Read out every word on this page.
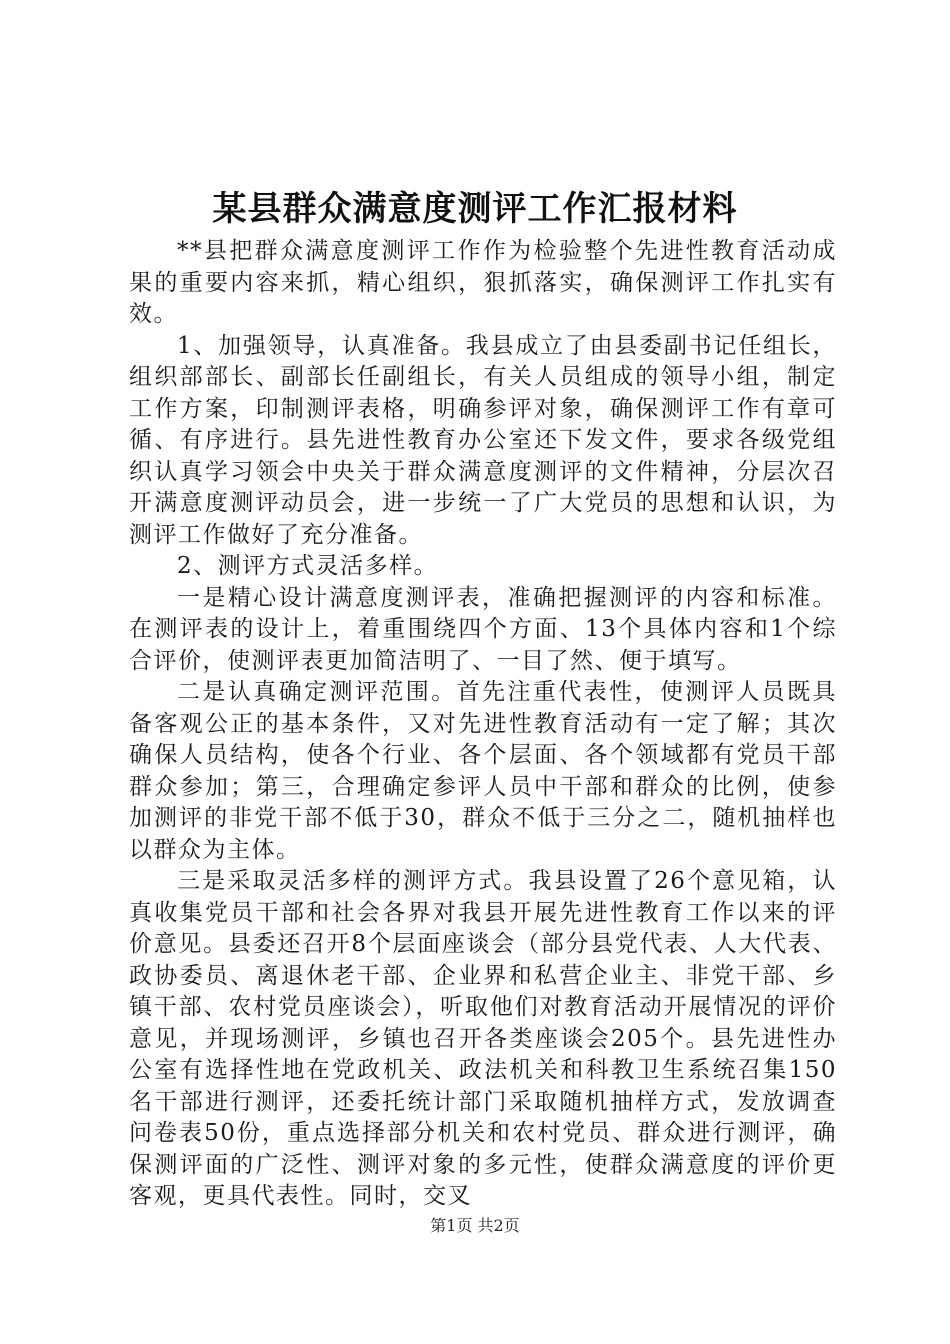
某县群众满意度测评工作汇报材料

**县把群众满意度测评工作作为检验整个先进性教育活动成果的重要内容来抓，精心组织，狠抓落实，确保测评工作扎实有效。

1、加强领导，认真准备。我县成立了由县委副书记任组长，组织部部长、副部长任副组长，有关人员组成的领导小组，制定工作方案，印制测评表格，明确参评对象，确保测评工作有章可循、有序进行。县先进性教育办公室还下发文件，要求各级党组织认真学习领会中央关于群众满意度测评的文件精神，分层次召开满意度测评动员会，进一步统一了广大党员的思想和认识，为测评工作做好了充分准备。

2、测评方式灵活多样。

一是精心设计满意度测评表，准确把握测评的内容和标准。在测评表的设计上，着重围绕四个方面、13个具体内容和1个综合评价，使测评表更加简洁明了、一目了然、便于填写。

二是认真确定测评范围。首先注重代表性，使测评人员既具备客观公正的基本条件，又对先进性教育活动有一定了解；其次确保人员结构，使各个行业、各个层面、各个领域都有党员干部群众参加；第三，合理确定参评人员中干部和群众的比例，使参加测评的非党干部不低于30，群众不低于三分之二，随机抽样也以群众为主体。

三是采取灵活多样的测评方式。我县设置了26个意见箱，认真收集党员干部和社会各界对我县开展先进性教育工作以来的评价意见。县委还召开8个层面座谈会（部分县党代表、人大代表、政协委员、离退休老干部、企业界和私营企业主、非党干部、乡镇干部、农村党员座谈会），听取他们对教育活动开展情况的评价意见，并现场测评，乡镇也召开各类座谈会205个。县先进性办公室有选择性地在党政机关、政法机关和科教卫生系统召集150名干部进行测评，还委托统计部门采取随机抽样方式，发放调查问卷表50份，重点选择部分机关和农村党员、群众进行测评，确保测评面的广泛性、测评对象的多元性，使群众满意度的评价更客观，更具代表性。同时，交叉

第1页 共2页
